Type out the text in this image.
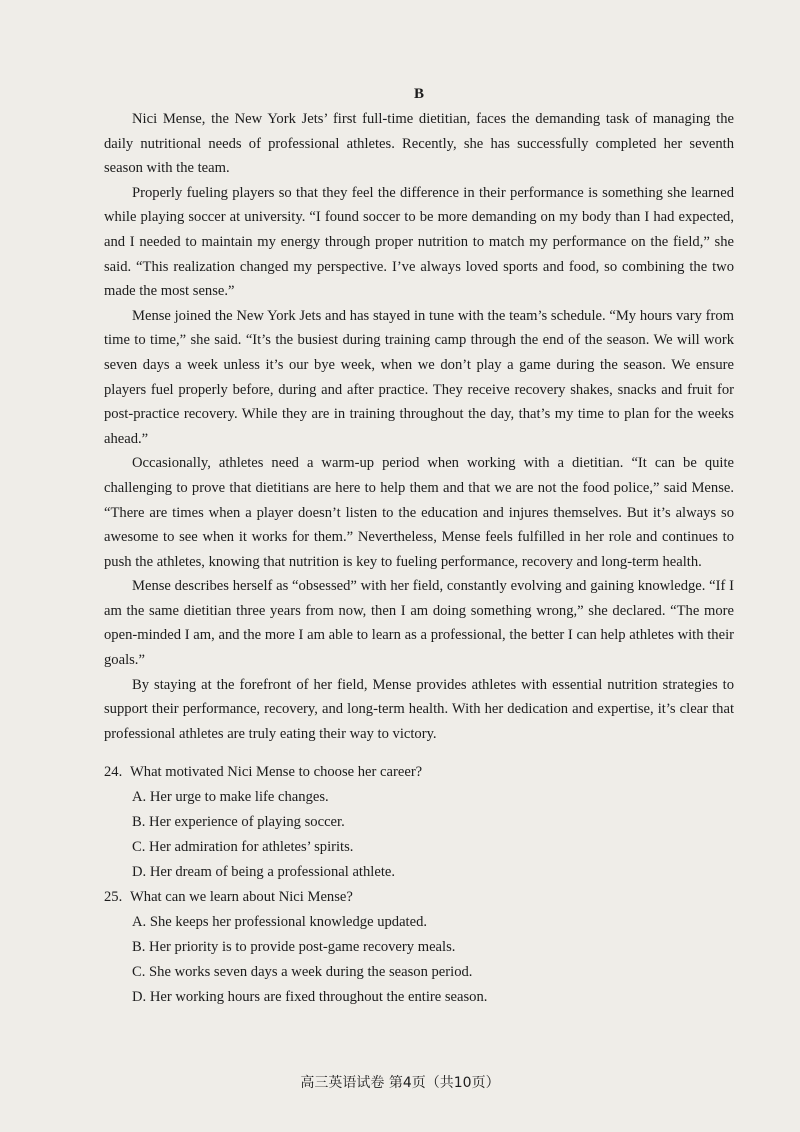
B

Nici Mense, the New York Jets’ first full-time dietitian, faces the demanding task of managing the daily nutritional needs of professional athletes. Recently, she has successfully completed her seventh season with the team.

Properly fueling players so that they feel the difference in their performance is something she learned while playing soccer at university. “I found soccer to be more demanding on my body than I had expected, and I needed to maintain my energy through proper nutrition to match my performance on the field,” she said. “This realization changed my perspective. I’ve always loved sports and food, so combining the two made the most sense.”

Mense joined the New York Jets and has stayed in tune with the team’s schedule. “My hours vary from time to time,” she said. “It’s the busiest during training camp through the end of the season. We will work seven days a week unless it’s our bye week, when we don’t play a game during the season. We ensure players fuel properly before, during and after practice. They receive recovery shakes, snacks and fruit for post-practice recovery. While they are in training throughout the day, that’s my time to plan for the weeks ahead.”

Occasionally, athletes need a warm-up period when working with a dietitian. “It can be quite challenging to prove that dietitians are here to help them and that we are not the food police,” said Mense. “There are times when a player doesn’t listen to the education and injures themselves. But it’s always so awesome to see when it works for them.” Nevertheless, Mense feels fulfilled in her role and continues to push the athletes, knowing that nutrition is key to fueling performance, recovery and long-term health.

Mense describes herself as “obsessed” with her field, constantly evolving and gaining knowledge. “If I am the same dietitian three years from now, then I am doing something wrong,” she declared. “The more open-minded I am, and the more I am able to learn as a professional, the better I can help athletes with their goals.”

By staying at the forefront of her field, Mense provides athletes with essential nutrition strategies to support their performance, recovery, and long-term health. With her dedication and expertise, it’s clear that professional athletes are truly eating their way to victory.

24. What motivated Nici Mense to choose her career?

A. Her urge to make life changes.

B. Her experience of playing soccer.

C. Her admiration for athletes’ spirits.

D. Her dream of being a professional athlete.

25. What can we learn about Nici Mense?

A. She keeps her professional knowledge updated.

B. Her priority is to provide post-game recovery meals.

C. She works seven days a week during the season period.

D. Her working hours are fixed throughout the entire season.

高三英语试卷 第4页（共10页）
